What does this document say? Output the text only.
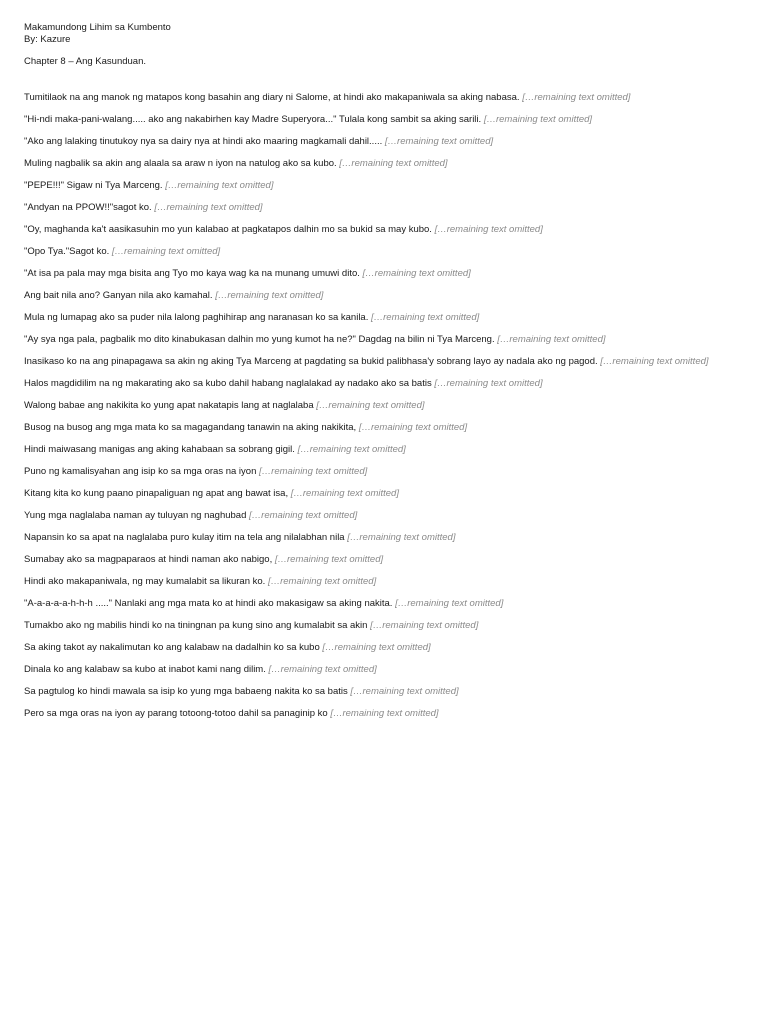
Makamundong Lihim sa Kumbento

By: Kazure

Chapter 8 – Ang Kasunduan.

Tumitilaok na ang manok ng matapos kong basahin ang diary ni Salome, at hindi ako makapaniwala sa aking nabasa. […remaining text omitted]

"Hi-ndi maka-pani-walang..... ako ang nakabirhen kay Madre Superyora..." Tulala kong sambit sa aking sarili. […remaining text omitted]

"Ako ang lalaking tinutukoy nya sa dairy nya at hindi ako maaring magkamali dahil..... […remaining text omitted]

Muling nagbalik sa akin ang alaala sa araw n iyon na natulog ako sa kubo. […remaining text omitted]

"PEPE!!!" Sigaw ni Tya Marceng. […remaining text omitted]

"Andyan na PPOW!!"sagot ko. […remaining text omitted]

"Oy, maghanda ka't aasikasuhin mo yun kalabao at pagkatapos dalhin mo sa bukid sa may kubo. […remaining text omitted]

"Opo Tya."Sagot ko. […remaining text omitted]

"At isa pa pala may mga bisita ang Tyo mo kaya wag ka na munang umuwi dito. […remaining text omitted]

Ang bait nila ano? Ganyan nila ako kamahal. […remaining text omitted]

Mula ng lumapag ako sa puder nila lalong paghihirap ang naranasan ko sa kanila. […remaining text omitted]

"Ay sya nga pala, pagbalik mo dito kinabukasan dalhin mo yung kumot ha ne?" Dagdag na bilin ni Tya Marceng. […remaining text omitted]

Inasikaso ko na ang pinapagawa sa akin ng aking Tya Marceng at pagdating sa bukid palibhasa'y sobrang layo ay nadala ako ng pagod. […remaining text omitted]

Halos magdidilim na ng makarating ako sa kubo dahil habang naglalakad ay nadako ako sa batis […remaining text omitted]

Walong babae ang nakikita ko yung apat nakatapis lang at naglalaba […remaining text omitted]

Busog na busog ang mga mata ko sa magagandang tanawin na aking nakikita, […remaining text omitted]

Hindi maiwasang manigas ang aking kahabaan sa sobrang gigil. […remaining text omitted]

Puno ng kamalisyahan ang isip ko sa mga oras na iyon […remaining text omitted]

Kitang kita ko kung paano pinapaliguan ng apat ang bawat isa, […remaining text omitted]

Yung mga naglalaba naman ay tuluyan ng naghubad […remaining text omitted]

Napansin ko sa apat na naglalaba puro kulay itim na tela ang nilalabhan nila […remaining text omitted]

Sumabay ako sa magpaparaos at hindi naman ako nabigo, […remaining text omitted]

Hindi ako makapaniwala, ng may kumalabit sa likuran ko. […remaining text omitted]

"A-a-a-a-a-h-h-h ....." Nanlaki ang mga mata ko at hindi ako makasigaw sa aking nakita. […remaining text omitted]

Tumakbo ako ng mabilis hindi ko na tiningnan pa kung sino ang kumalabit sa akin […remaining text omitted]

Sa aking takot ay nakalimutan ko ang kalabaw na dadalhin ko sa kubo […remaining text omitted]

Dinala ko ang kalabaw sa kubo at inabot kami nang dilim. […remaining text omitted]

Sa pagtulog ko hindi mawala sa isip ko yung mga babaeng nakita ko sa batis […remaining text omitted]

Pero sa mga oras na iyon ay parang totoong-totoo dahil sa panaginip ko […remaining text omitted]
